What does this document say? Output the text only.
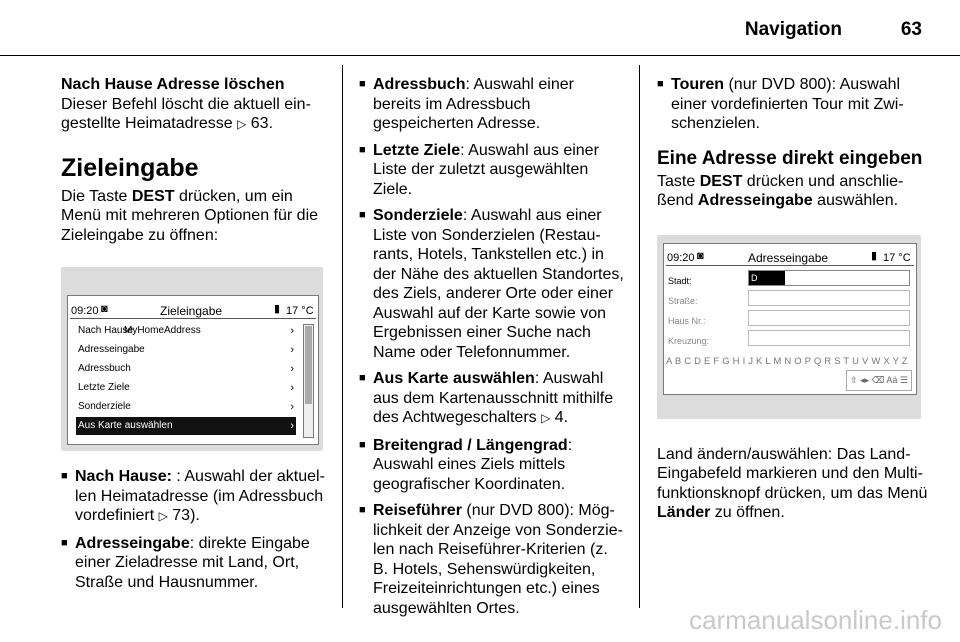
Navigation	63

Nach Hause Adresse löschen

Dieser Befehl löscht die aktuell ein-gestellte Heimatadresse ▷ 63.

Zieleingabe

Die Taste DEST drücken, um ein Menü mit mehreren Optionen für die Zieleingabe zu öffnen:

09:20 ◙	Zieleingabe	▮ 17 °C
Nach Hause
MyHomeAddress	›
Adresseingabe	›
Adressbuch	›
Letzte Ziele	›
Sonderziele	›
Aus Karte auswählen	›

■ Nach Hause: : Auswahl der aktuel-len Heimatadresse (im Adressbuch vordefiniert ▷ 73).

■ Adresseingabe: direkte Eingabe einer Zieladresse mit Land, Ort, Straße und Hausnummer.

■ Adressbuch: Auswahl einer bereits im Adressbuch gespeicherten Adresse.

■ Letzte Ziele: Auswahl aus einer Liste der zuletzt ausgewählten Ziele.

■ Sonderziele: Auswahl aus einer Liste von Sonderzielen (Restau-rants, Hotels, Tankstellen etc.) in der Nähe des aktuellen Standortes, des Ziels, anderer Orte oder einer Auswahl auf der Karte sowie von Ergebnissen einer Suche nach Name oder Telefonnummer.

■ Aus Karte auswählen: Auswahl aus dem Kartenausschnitt mithilfe des Achtwegeschalters ▷ 4.

■ Breitengrad / Längengrad: Auswahl eines Ziels mittels geografischer Koordinaten.

■ Reiseführer (nur DVD 800): Mög-lichkeit der Anzeige von Sonderzie-len nach Reiseführer-Kriterien (z. B. Hotels, Sehenswürdigkeiten, Freizeiteinrichtungen etc.) eines ausgewählten Ortes.

■ Touren (nur DVD 800): Auswahl einer vordefinierten Tour mit Zwi-schenzielen.

Eine Adresse direkt eingeben

Taste DEST drücken und anschlie-ßend Adresseingabe auswählen.

09:20 ◙	Adresseingabe	▮ 17 °C
Stadt:	D
Straße:
Haus Nr.:
Kreuzung:
A B C D E F G H I J K L M N O P Q R S T U V W X Y Z
⇧ ◂▸ ⌫ Aä ☰

Land ändern/auswählen: Das Land-Eingabefeld markieren und den Multi-funktionsknopf drücken, um das Menü Länder zu öffnen.

carmanualsonline.info
